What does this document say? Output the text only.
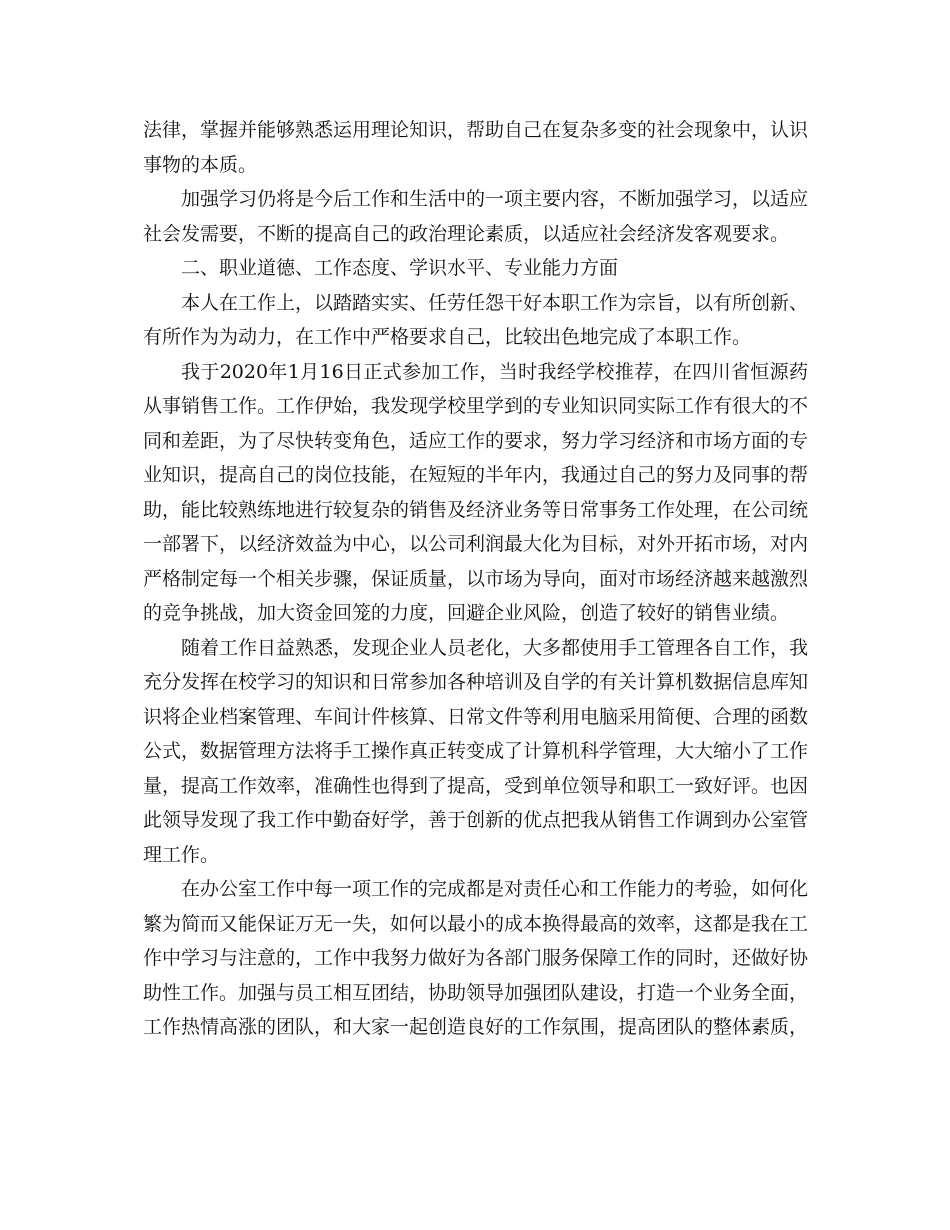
法律，掌握并能够熟悉运用理论知识，帮助自己在复杂多变的社会现象中，认识事物的本质。

加强学习仍将是今后工作和生活中的一项主要内容，不断加强学习，以适应社会发需要，不断的提高自己的政治理论素质，以适应社会经济发客观要求。

二、职业道德、工作态度、学识水平、专业能力方面

本人在工作上，以踏踏实实、任劳任怨干好本职工作为宗旨，以有所创新、有所作为为动力，在工作中严格要求自己，比较出色地完成了本职工作。

我于2020年1月16日正式参加工作，当时我经学校推荐，在四川省恒源药从事销售工作。工作伊始，我发现学校里学到的专业知识同实际工作有很大的不同和差距，为了尽快转变角色，适应工作的要求，努力学习经济和市场方面的专业知识，提高自己的岗位技能，在短短的半年内，我通过自己的努力及同事的帮助，能比较熟练地进行较复杂的销售及经济业务等日常事务工作处理，在公司统一部署下，以经济效益为中心，以公司利润最大化为目标，对外开拓市场，对内严格制定每一个相关步骤，保证质量，以市场为导向，面对市场经济越来越激烈的竞争挑战，加大资金回笼的力度，回避企业风险，创造了较好的销售业绩。

随着工作日益熟悉，发现企业人员老化，大多都使用手工管理各自工作，我充分发挥在校学习的知识和日常参加各种培训及自学的有关计算机数据信息库知识将企业档案管理、车间计件核算、日常文件等利用电脑采用简便、合理的函数公式，数据管理方法将手工操作真正转变成了计算机科学管理，大大缩小了工作量，提高工作效率，准确性也得到了提高，受到单位领导和职工一致好评。也因此领导发现了我工作中勤奋好学，善于创新的优点把我从销售工作调到办公室管理工作。

在办公室工作中每一项工作的完成都是对责任心和工作能力的考验，如何化繁为简而又能保证万无一失，如何以最小的成本换得最高的效率，这都是我在工作中学习与注意的，工作中我努力做好为各部门服务保障工作的同时，还做好协助性工作。加强与员工相互团结，协助领导加强团队建设，打造一个业务全面，工作热情高涨的团队，和大家一起创造良好的工作氛围，提高团队的整体素质，
